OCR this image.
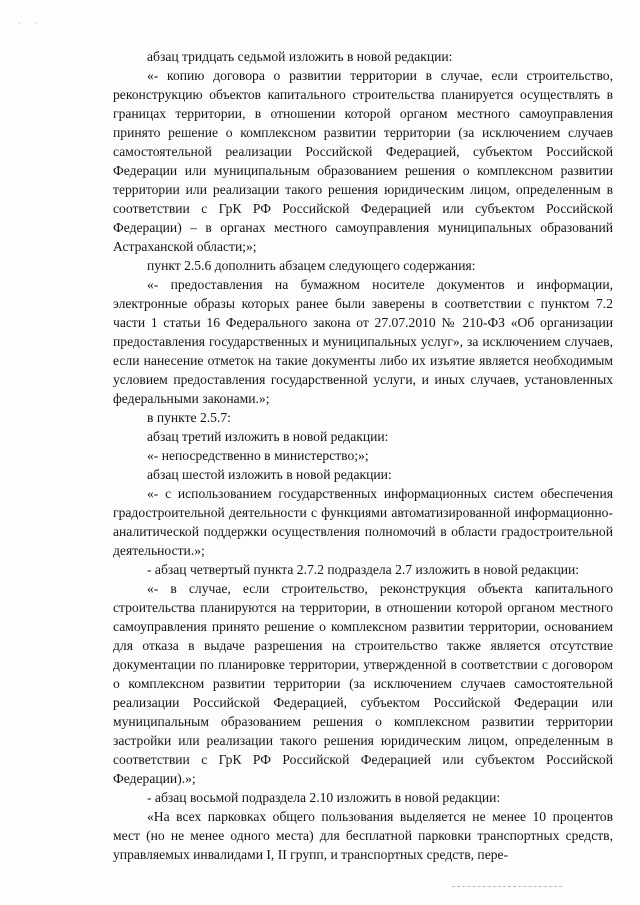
··

абзац тридцать седьмой изложить в новой редакции:

«- копию договора о развитии территории в случае, если строительство, реконструкцию объектов капитального строительства планируется осуществлять в границах территории, в отношении которой органом местного самоуправления принято решение о комплексном развитии территории (за исключением случаев самостоятельной реализации Российской Федерацией, субъектом Российской Федерации или муниципальным образованием решения о комплексном развитии территории или реализации такого решения юридическим лицом, определенным в соответствии с ГрК РФ Российской Федерацией или субъектом Российской Федерации) – в органах местного самоуправления муниципальных образований Астраханской области;»;

пункт 2.5.6 дополнить абзацем следующего содержания:

«- предоставления на бумажном носителе документов и информации, электронные образы которых ранее были заверены в соответствии с пунктом 7.2 части 1 статьи 16 Федерального закона от 27.07.2010 № 210-ФЗ «Об организации предоставления государственных и муниципальных услуг», за исключением случаев, если нанесение отметок на такие документы либо их изъятие является необходимым условием предоставления государственной услуги, и иных случаев, установленных федеральными законами.»;

в пункте 2.5.7:

абзац третий изложить в новой редакции:

«- непосредственно в министерство;»;

абзац шестой изложить в новой редакции:

«- с использованием государственных информационных систем обеспечения градостроительной деятельности с функциями автоматизированной информационно-аналитической поддержки осуществления полномочий в области градостроительной деятельности.»;

- абзац четвертый пункта 2.7.2 подраздела 2.7 изложить в новой редакции:

«- в случае, если строительство, реконструкция объекта капитального строительства планируются на территории, в отношении которой органом местного самоуправления принято решение о комплексном развитии территории, основанием для отказа в выдаче разрешения на строительство также является отсутствие документации по планировке территории, утвержденной в соответствии с договором о комплексном развитии территории (за исключением случаев самостоятельной реализации Российской Федерацией, субъектом Российской Федерации или муниципальным образованием решения о комплексном развитии территории застройки или реализации такого решения юридическим лицом, определенным в соответствии с ГрК РФ Российской Федерацией или субъектом Российской Федерации).»;

- абзац восьмой подраздела 2.10 изложить в новой редакции:

«На всех парковках общего пользования выделяется не менее 10 процентов мест (но не менее одного места) для бесплатной парковки транспортных средств, управляемых инвалидами I, II групп, и транспортных средств, пере-
